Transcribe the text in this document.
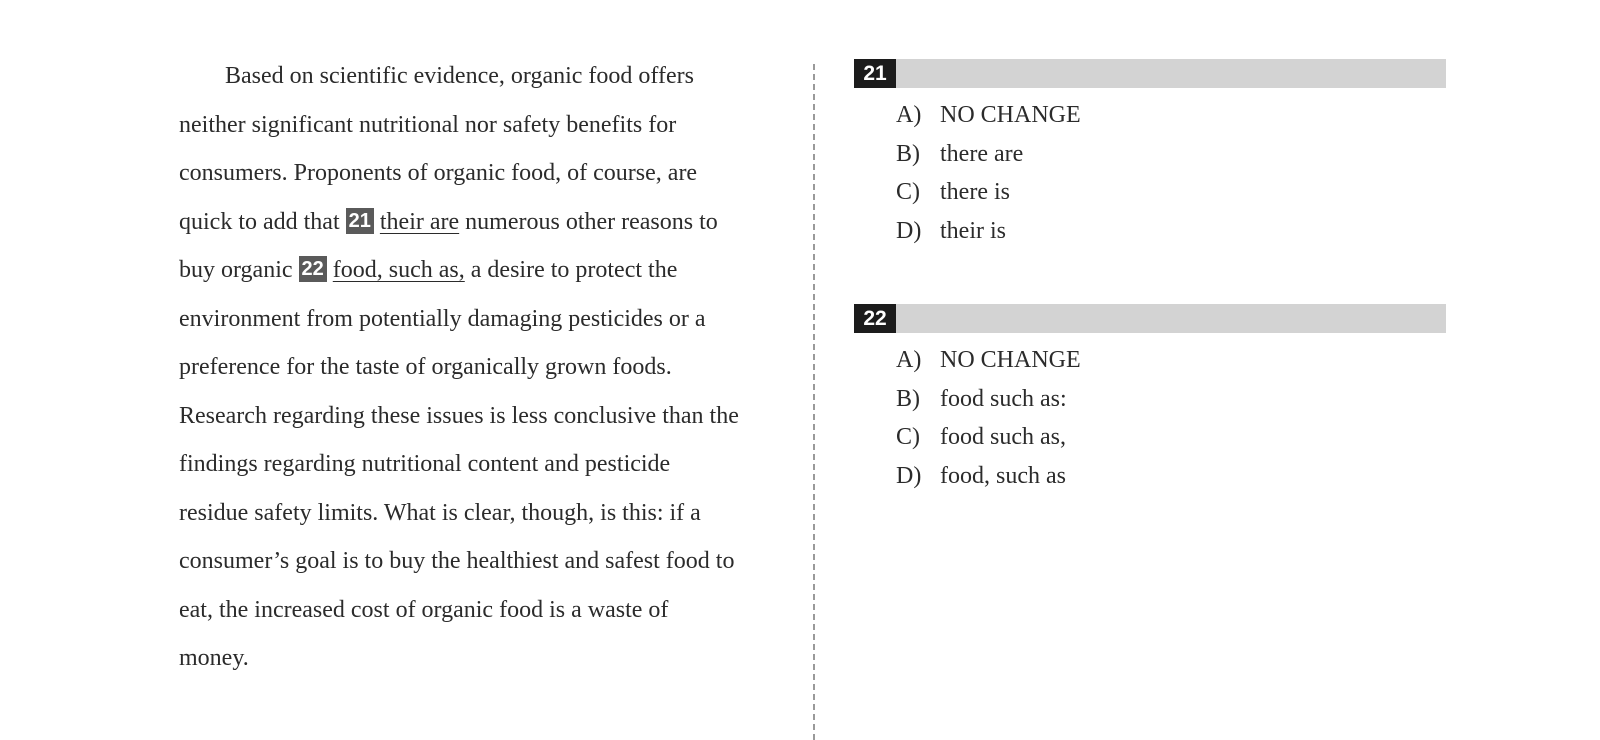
Based on scientific evidence, organic food offers
neither significant nutritional nor safety benefits for
consumers. Proponents of organic food, of course, are
quick to add that 21 their are numerous other reasons to
buy organic 22 food, such as, a desire to protect the
environment from potentially damaging pesticides or a
preference for the taste of organically grown foods.
Research regarding these issues is less conclusive than the
findings regarding nutritional content and pesticide
residue safety limits. What is clear, though, is this: if a
consumer’s goal is to buy the healthiest and safest food to
eat, the increased cost of organic food is a waste of
money.
21
A) NO CHANGE
B) there are
C) there is
D) their is
22
A) NO CHANGE
B) food such as:
C) food such as,
D) food, such as
